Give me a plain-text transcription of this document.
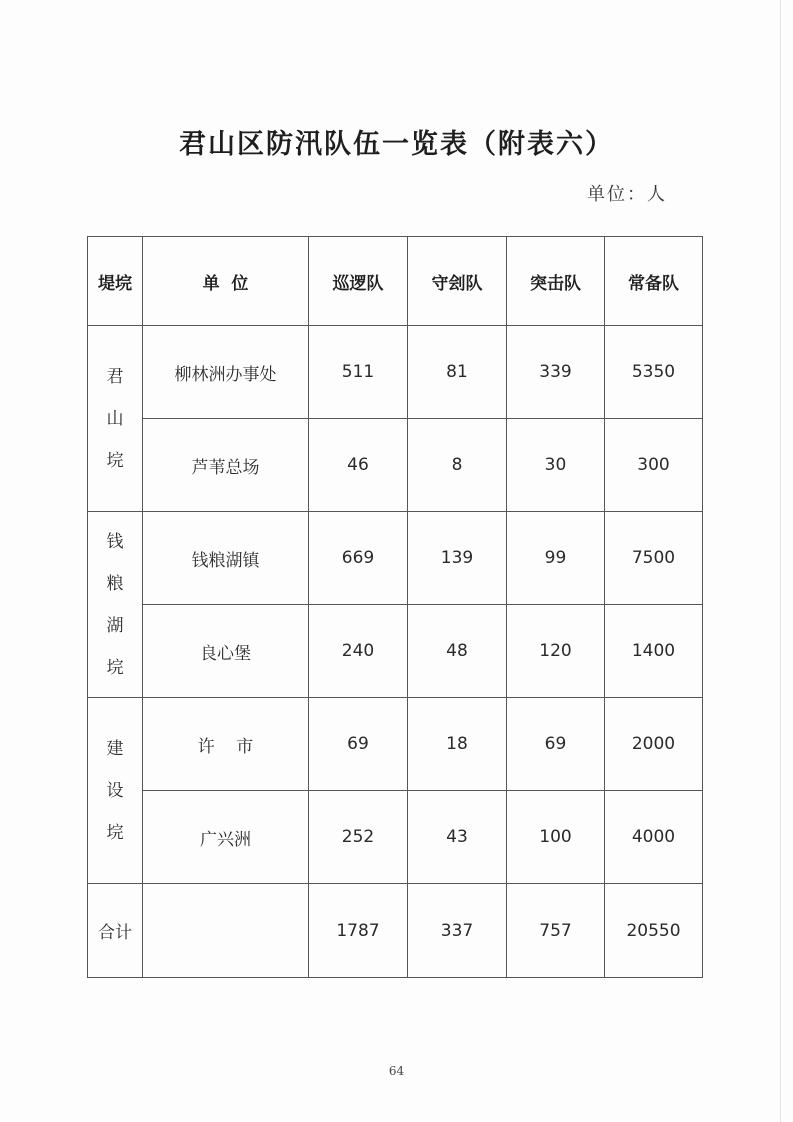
君山区防汛队伍一览表（附表六）
单位：人
堤垸	单  位	巡逻队	守刽队	突击队	常备队

君
山
垸	柳林洲办事处	511	81	339	5350
	芦苇总场	46	8	30	300

钱
粮
湖
垸	钱粮湖镇	669	139	99	7500
	良心堡	240	48	120	1400

建
设
垸	许    市	69	18	69	2000
	广兴洲	252	43	100	4000
合计		1787	337	757	20550
64
